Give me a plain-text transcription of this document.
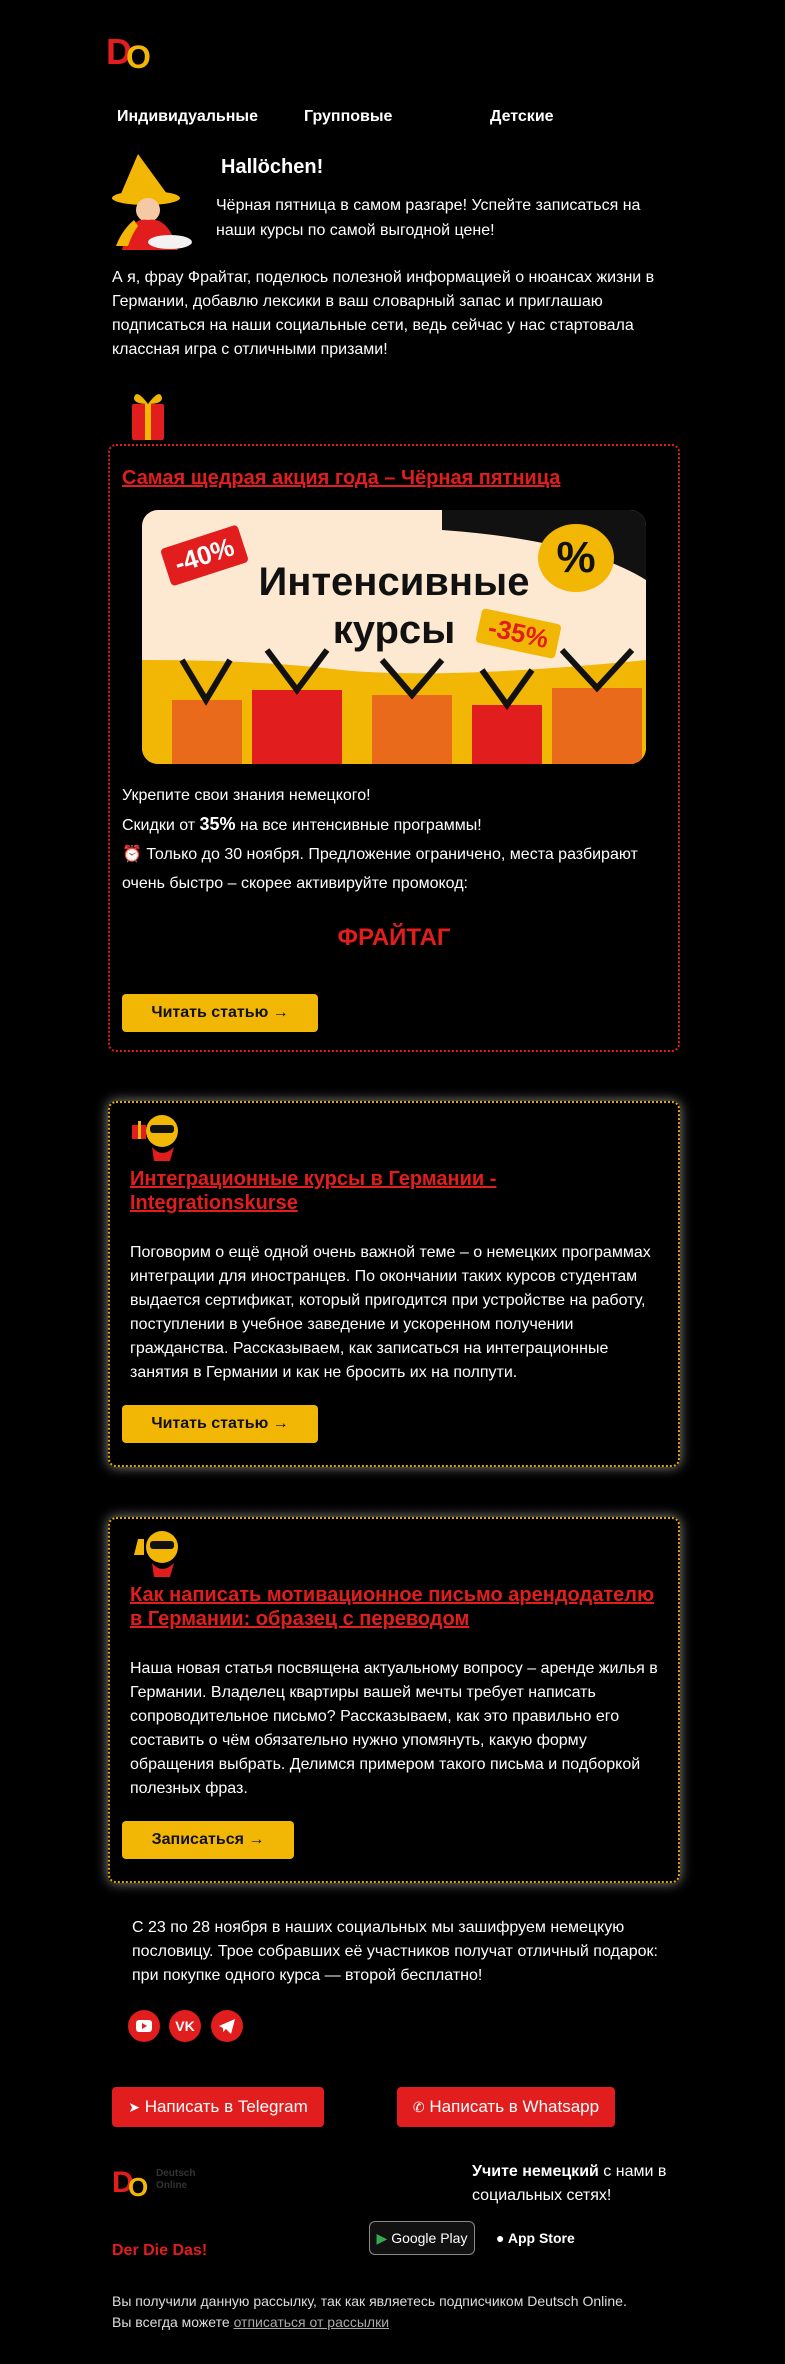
D
O
Индивидуальные	Групповые	Детские
Hallöchen!
Чёрная пятница в самом разгаре! Успейте записаться на наши курсы по самой выгодной цене!
А я, фрау Фрайтаг, поделюсь полезной информацией о нюансах жизни в Германии, добавлю лексики в ваш словарный запас и приглашаю подписаться на наши социальные сети, ведь сейчас у нас стартовала классная игра с отличными призами!
Самая щедрая акция года – Чёрная пятница
-40%	%
Интенсивные
курсы	-35%
Укрепите свои знания немецкого!
Скидки от 35% на все интенсивные программы!
⏰ Только до 30 ноября. Предложение ограничено, места разбирают очень быстро – скорее активируйте промокод:
ФРАЙТАГ
Читать статью →
Интеграционные курсы в Германии - Integrationskurse
Поговорим о ещё одной очень важной теме – о немецких программах интеграции для иностранцев. По окончании таких курсов студентам выдается сертификат, который пригодится при устройстве на работу, поступлении в учебное заведение и ускоренном получении гражданства. Рассказываем, как записаться на интеграционные занятия в Германии и как не бросить их на полпути.
Читать статью →
Как написать мотивационное письмо арендодателю в Германии: образец с переводом
Наша новая статья посвящена актуальному вопросу – аренде жилья в Германии. Владелец квартиры вашей мечты требует написать сопроводительное письмо? Рассказываем, как это правильно его составить о чём обязательно нужно упомянуть, какую форму обращения выбрать. Делимся примером такого письма и подборкой полезных фраз.
Записаться →
С 23 по 28 ноября в наших социальных мы зашифруем немецкую пословицу. Трое собравших её участников получат отличный подарок: при покупке одного курса — второй бесплатно!
VK
➤ Написать в Telegram	✆ Написать в Whatsapp
D
O Deutsch
Online
Der Die Das!
Учите немецкий с нами в социальных сетях!
▶ Google Play	● App Store
Вы получили данную рассылку, так как являетесь подписчиком Deutsch Online.
Вы всегда можете отписаться от рассылки
